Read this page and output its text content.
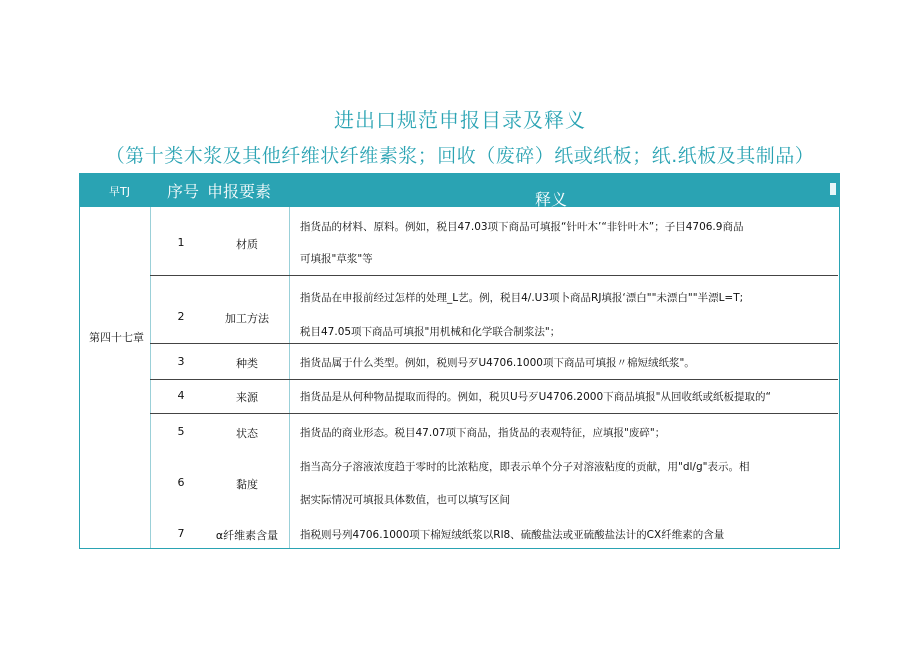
进出口规范申报目录及释义
（第十类木浆及其他纤维状纤维素浆；回收（废碎）纸或纸板；纸.纸板及其制品）
早TJ 序号 申报要素	释义
第四十七章
1	材质
指货品的材料、原料。例如，税目47.03项下商品可填报“针叶木’“非针叶木”；子目4706.9商品
可填报"草浆"等
2	加工方法
指货品在申报前经过怎样的处理_L艺。例，税目4/.U3项卜商品RJ填报‘漂白""未漂白""半漂L=T;
税目47.05项下商品可填报"用机械和化学联合制浆法"；
3	种类	指货品属于什么类型。例如，税则号歹U4706.1000项下商品可填报〃棉短绒纸浆"。
4	来源	指货品是从何种物品提取而得的。例如，税贝U号歹U4706.2000下商品填报"从回收纸或纸板提取的“
5	状态	指货品的商业形态。税目47.07项下商品，指货品的表观特征，应填报"废碎"；
6	黏度
指当高分子溶液浓度趋于零时的比浓粘度，即表示单个分子对溶液粘度的贡献，用"dl/g"表示。相
据实际情况可填报具体数值，也可以填写区间
7	α纤维素含量	指税则号列4706.1000项下棉短绒纸浆以Rl8、硫酸盐法或亚硫酸盐法计的CX纤维素的含量
